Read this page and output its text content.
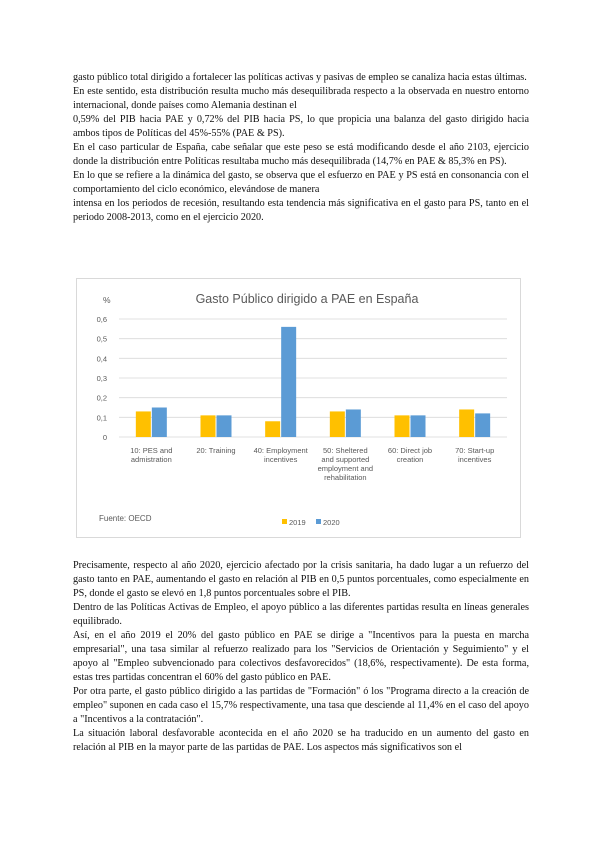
gasto público total dirigido a fortalecer las políticas activas y pasivas de empleo se canaliza hacia estas últimas.

En este sentido, esta distribución resulta mucho más desequilibrada respecto a la observada en nuestro entorno internacional, donde países como Alemania destinan el

0,59% del PIB hacia PAE y 0,72% del PIB hacia PS, lo que propicia una balanza del gasto dirigido hacia ambos tipos de Políticas del 45%-55% (PAE & PS).

En el caso particular de España, cabe señalar que este peso se está modificando desde el año 2103, ejercicio donde la distribución entre Políticas resultaba mucho más desequilibrada (14,7% en PAE & 85,3% en PS).

En lo que se refiere a la dinámica del gasto, se observa que el esfuerzo en PAE y PS está en consonancia con el comportamiento del ciclo económico, elevándose de manera

intensa en los periodos de recesión, resultando esta tendencia más significativa en el gasto para PS, tanto en el periodo 2008-2013, como en el ejercicio 2020.

Gasto Público dirigido a PAE en España
%
0
0,1
0,2
0,3
0,4
0,5
0,6
10: PES and admistration
20: Training 40: Employment incentives
50: Sheltered and supported employment and rehabilitation
60: Direct job creation
70: Start-up incentives
Fuente: OECD	2019 2020

Precisamente, respecto al año 2020, ejercicio afectado por la crisis sanitaria, ha dado lugar a un refuerzo del gasto tanto en PAE, aumentando el gasto en relación al PIB en 0,5 puntos porcentuales, como especialmente en PS, donde el gasto se elevó en 1,8 puntos porcentuales sobre el PIB.

Dentro de las Políticas Activas de Empleo, el apoyo público a las diferentes partidas resulta en líneas generales equilibrado.

Así, en el año 2019 el 20% del gasto público en PAE se dirige a "Incentivos para la puesta en marcha empresarial", una tasa similar al refuerzo realizado para los "Servicios de Orientación y Seguimiento" y el apoyo al "Empleo subvencionado para colectivos desfavorecidos" (18,6%, respectivamente). De esta forma, estas tres partidas concentran el 60% del gasto público en PAE.

Por otra parte, el gasto público dirigido a las partidas de "Formación" ó los "Programa directo a la creación de empleo" suponen en cada caso el 15,7% respectivamente, una tasa que desciende al 11,4% en el caso del apoyo a "Incentivos a la contratación".

La situación laboral desfavorable acontecida en el año 2020 se ha traducido en un aumento del gasto en relación al PIB en la mayor parte de las partidas de PAE. Los aspectos más significativos son el
